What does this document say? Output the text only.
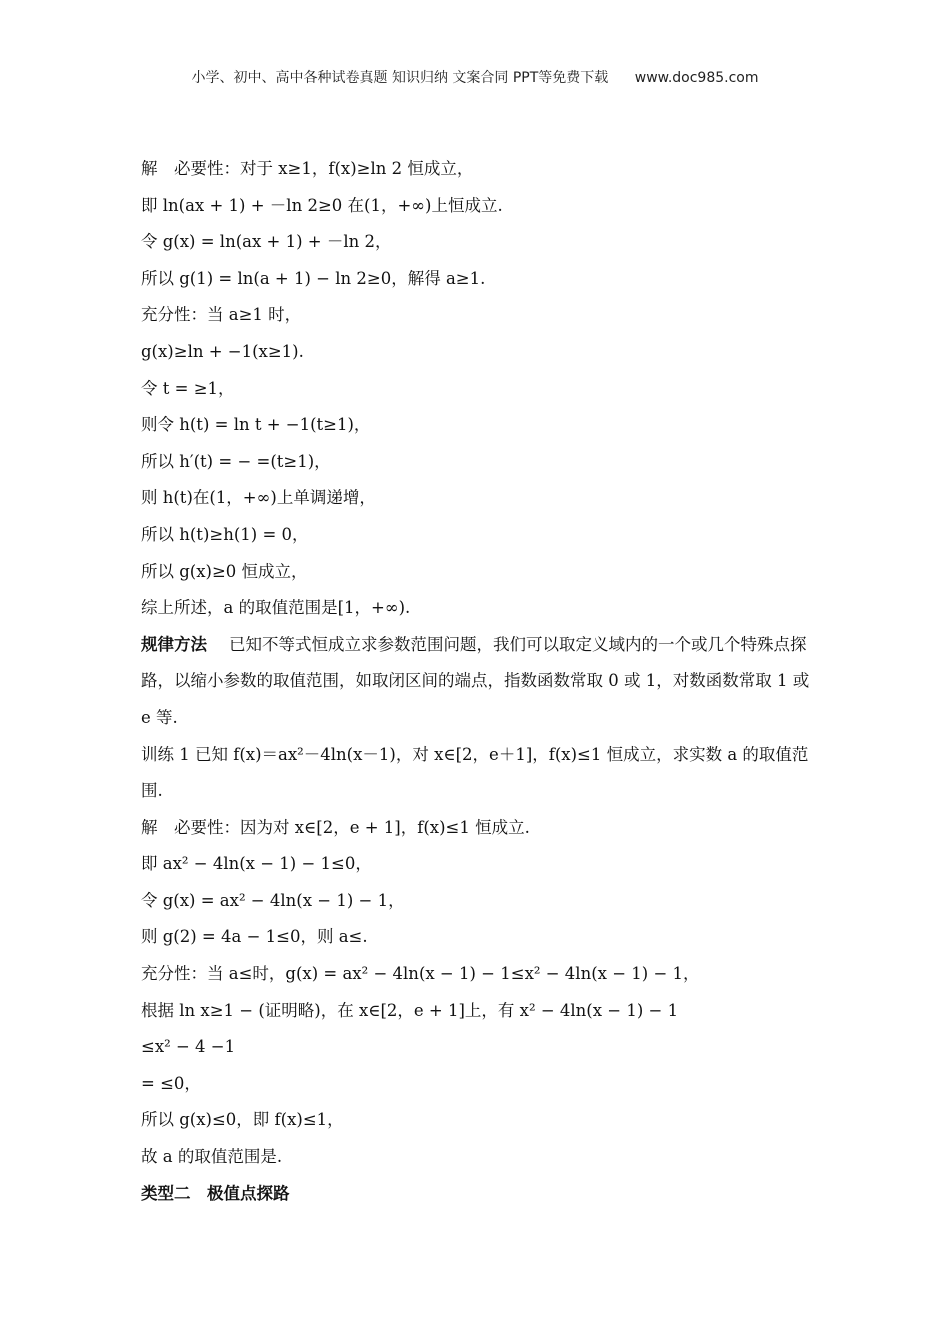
小学、初中、高中各种试卷真题 知识归纳 文案合同 PPT等免费下载 www.doc985.com
解　必要性：对于 x≥1，f(x)≥ln 2 恒成立，
即 ln(ax + 1) + －ln 2≥0 在(1，+∞)上恒成立.
令 g(x) = ln(ax + 1) + －ln 2，
所以 g(1) = ln(a + 1) − ln 2≥0，解得 a≥1.
充分性：当 a≥1 时，
g(x)≥ln + −1(x≥1).
令 t = ≥1，
则令 h(t) = ln t + −1(t≥1)，
所以 h′(t) = − =(t≥1)，
则 h(t)在(1，+∞)上单调递增，
所以 h(t)≥h(1) = 0，
所以 g(x)≥0 恒成立，
综上所述，a 的取值范围是[1，+∞).
规律方法 已知不等式恒成立求参数范围问题，我们可以取定义域内的一个或几个特殊点探路，以缩小参数的取值范围，如取闭区间的端点，指数函数常取 0 或 1，对数函数常取 1 或 e 等.
训练 1 已知 f(x)＝ax²－4ln(x－1)，对 x∈[2，e＋1]，f(x)≤1 恒成立，求实数 a 的取值范围.
解　必要性：因为对 x∈[2，e + 1]，f(x)≤1 恒成立.
即 ax² − 4ln(x − 1) − 1≤0，
令 g(x) = ax² − 4ln(x − 1) − 1，
则 g(2) = 4a − 1≤0，则 a≤.
充分性：当 a≤时，g(x) = ax² − 4ln(x − 1) − 1≤x² − 4ln(x − 1) − 1，
根据 ln x≥1 − (证明略)，在 x∈[2，e + 1]上，有 x² − 4ln(x − 1) − 1
≤x² − 4 −1
= ≤0，
所以 g(x)≤0，即 f(x)≤1，
故 a 的取值范围是.
类型二　极值点探路
